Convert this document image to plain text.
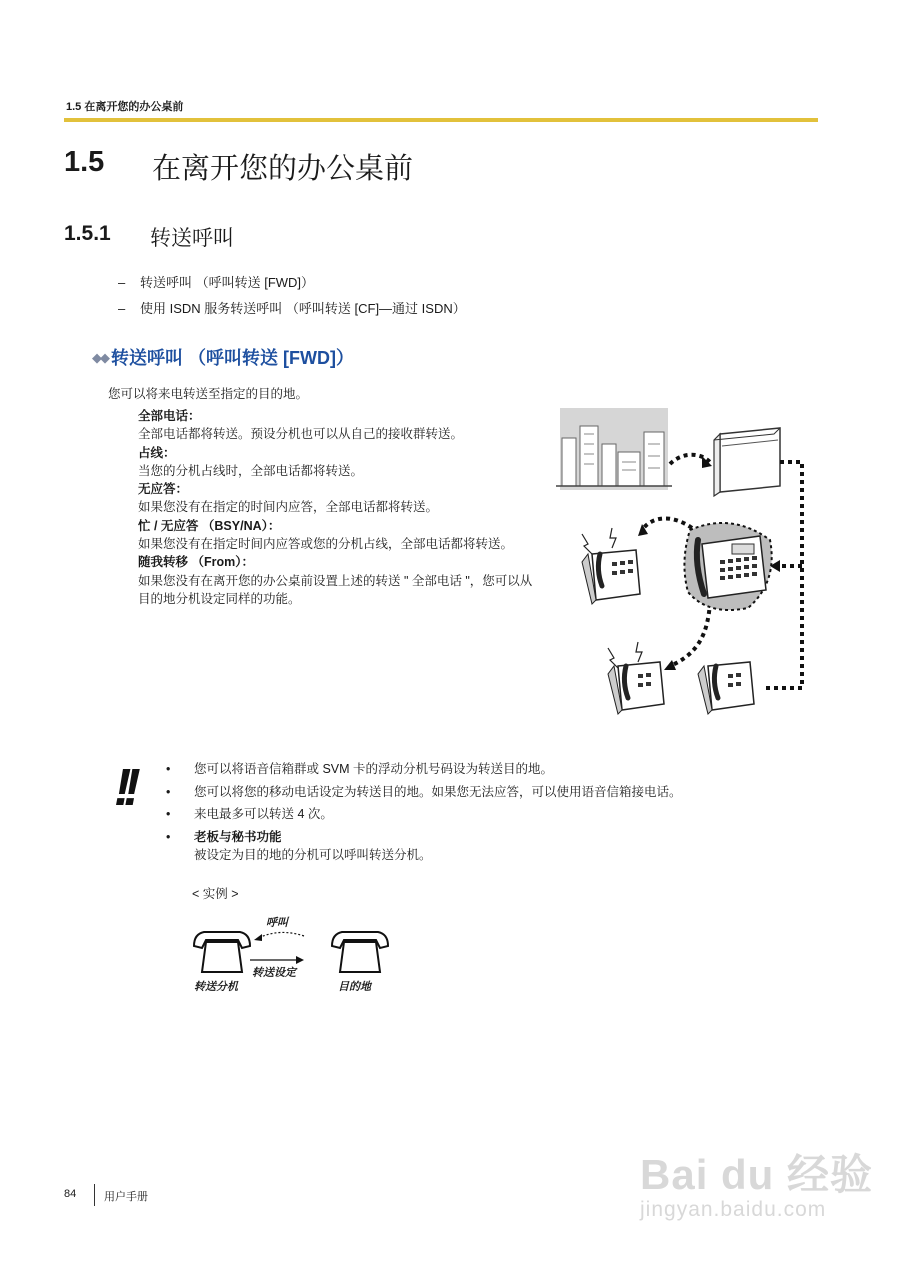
1.5 在离开您的办公桌前
1.5 在离开您的办公桌前
1.5.1 转送呼叫
– 转送呼叫 （呼叫转送 [FWD]）
– 使用 ISDN 服务转送呼叫 （呼叫转送 [CF]—通过 ISDN）
◆◆ 转送呼叫 （呼叫转送 [FWD]）
您可以将来电转送至指定的目的地。
全部电话：
全部电话都将转送。预设分机也可以从自己的接收群转送。
占线：
当您的分机占线时，全部电话都将转送。
无应答：
如果您没有在指定的时间内应答，全部电话都将转送。
忙 / 无应答 （BSY/NA）：
如果您没有在指定时间内应答或您的分机占线，全部电话都将转送。
随我转移 （From）：
如果您没有在离开您的办公桌前设置上述的转送 " 全部电话 "，您可以从目的地分机设定同样的功能。
!!	• 您可以将语音信箱群或 SVM 卡的浮动分机号码设为转送目的地。
• 您可以将您的移动电话设定为转送目的地。如果您无法应答，可以使用语音信箱接电话。
• 来电最多可以转送 4 次。
• 老板与秘书功能
被设定为目的地的分机可以呼叫转送分机。
< 实例 >
呼叫
转送设定
转送分机	目的地
84	用户手册	Bai du 经验
jingyan.baidu.com
